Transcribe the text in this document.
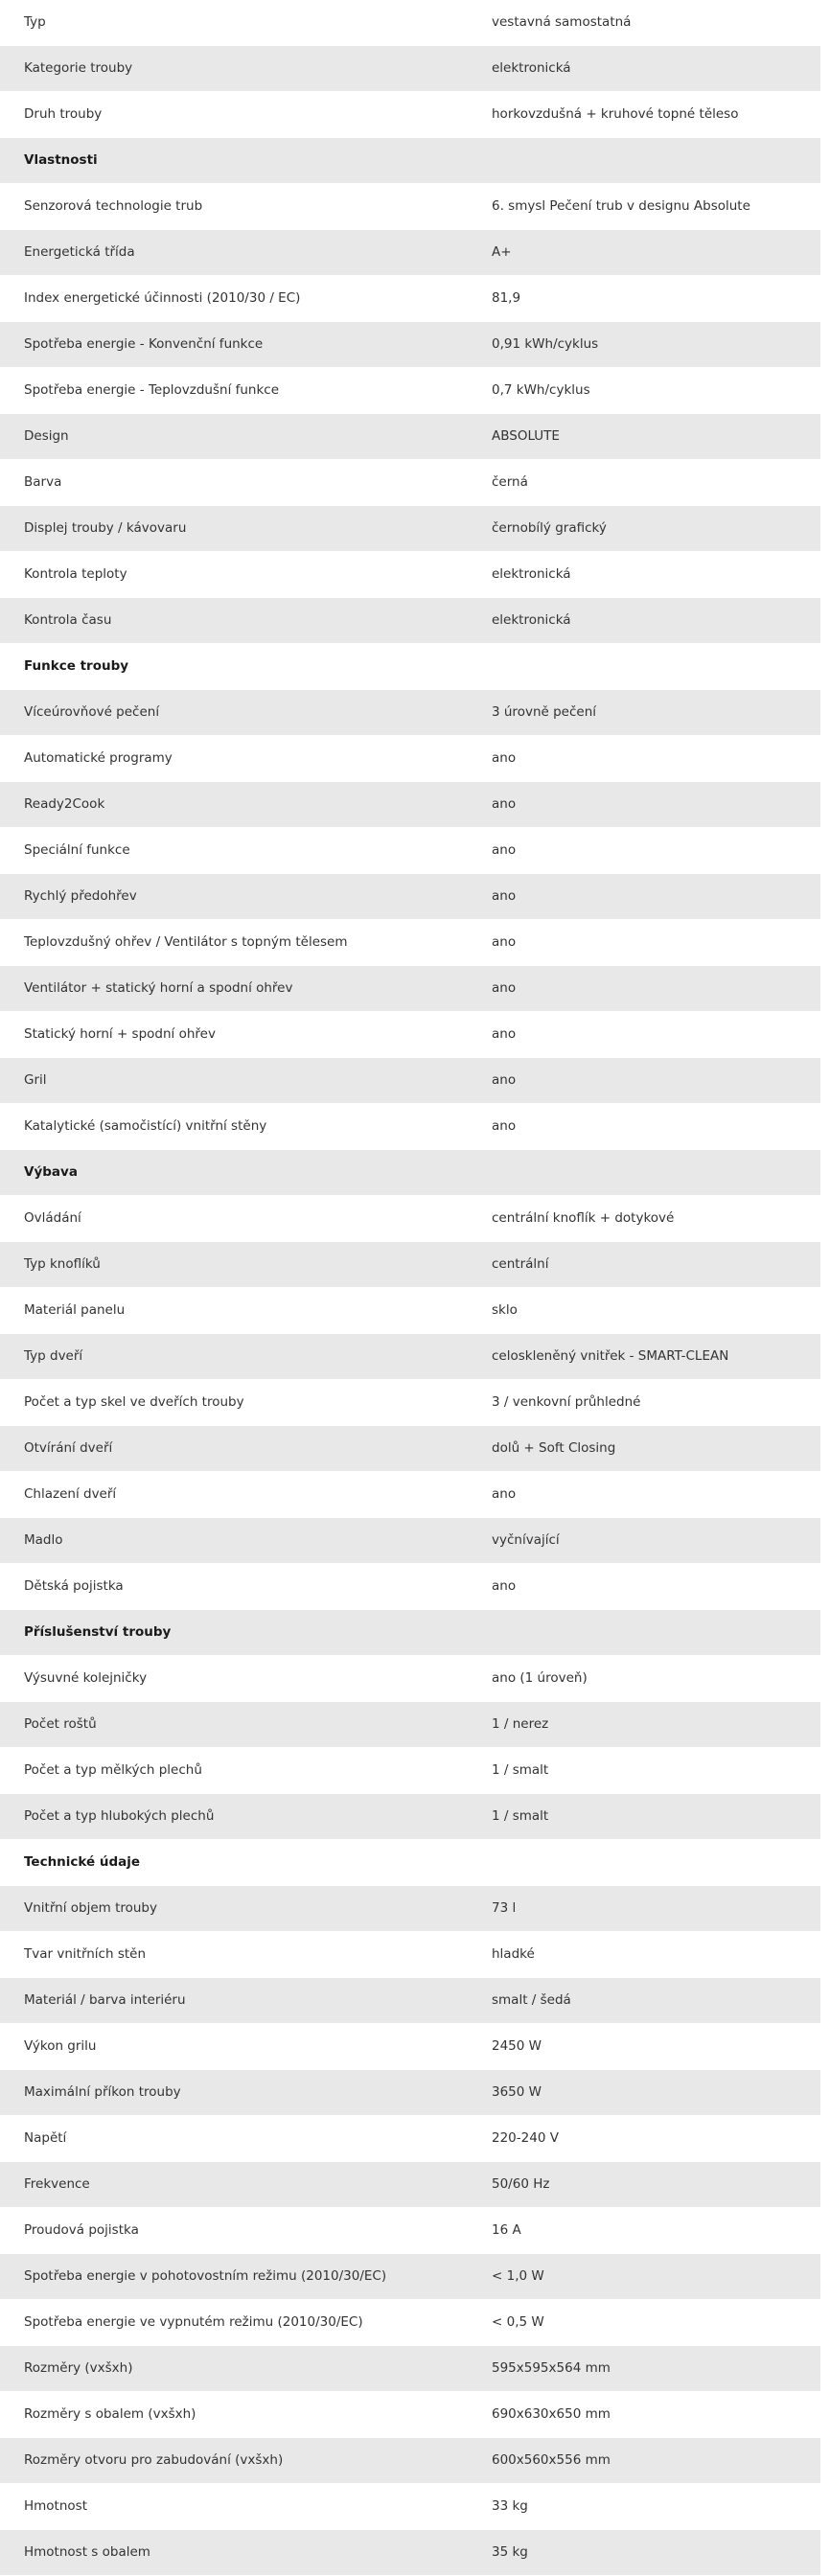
Typ	vestavná samostatná
Kategorie trouby	elektronická
Druh trouby	horkovzdušná + kruhové topné těleso
Vlastnosti	
Senzorová technologie trub	6. smysl Pečení trub v designu Absolute
Energetická třída	A+
Index energetické účinnosti (2010/30 / EC)	81,9
Spotřeba energie - Konvenční funkce	0,91 kWh/cyklus
Spotřeba energie - Teplovzdušní funkce	0,7 kWh/cyklus
Design	ABSOLUTE
Barva	černá
Displej trouby / kávovaru	černobílý grafický
Kontrola teploty	elektronická
Kontrola času	elektronická
Funkce trouby	
Víceúrovňové pečení	3 úrovně pečení
Automatické programy	ano
Ready2Cook	ano
Speciální funkce	ano
Rychlý předohřev	ano
Teplovzdušný ohřev / Ventilátor s topným tělesem	ano
Ventilátor + statický horní a spodní ohřev	ano
Statický horní + spodní ohřev	ano
Gril	ano
Katalytické (samočistící) vnitřní stěny	ano
Výbava	
Ovládání	centrální knoflík + dotykové
Typ knoflíků	centrální
Materiál panelu	sklo
Typ dveří	celoskleněný vnitřek - SMART-CLEAN
Počet a typ skel ve dveřích trouby	3 / venkovní průhledné
Otvírání dveří	dolů + Soft Closing
Chlazení dveří	ano
Madlo	vyčnívající
Dětská pojistka	ano
Příslušenství trouby	
Výsuvné kolejničky	ano (1 úroveň)
Počet roštů	1 / nerez
Počet a typ mělkých plechů	1 / smalt
Počet a typ hlubokých plechů	1 / smalt
Technické údaje	
Vnitřní objem trouby	73 l
Tvar vnitřních stěn	hladké
Materiál / barva interiéru	smalt / šedá
Výkon grilu	2450 W
Maximální příkon trouby	3650 W
Napětí	220-240 V
Frekvence	50/60 Hz
Proudová pojistka	16 A
Spotřeba energie v pohotovostním režimu (2010/30/EC)	< 1,0 W
Spotřeba energie ve vypnutém režimu (2010/30/EC)	< 0,5 W
Rozměry (vxšxh)	595x595x564 mm
Rozměry s obalem (vxšxh)	690x630x650 mm
Rozměry otvoru pro zabudování (vxšxh)	600x560x556 mm
Hmotnost	33 kg
Hmotnost s obalem	35 kg
